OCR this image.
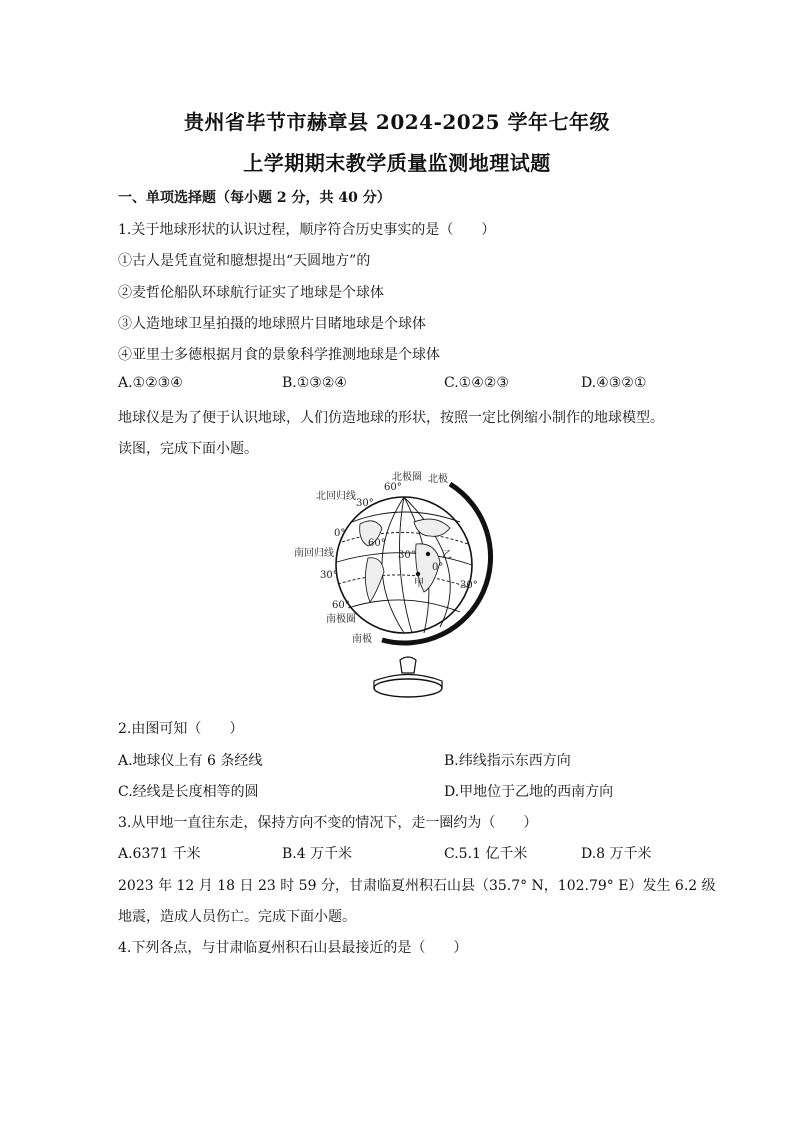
贵州省毕节市赫章县 2024-2025 学年七年级
上学期期末教学质量监测地理试题
一、单项选择题（每小题 2 分，共 40 分）
1.关于地球形状的认识过程，顺序符合历史事实的是（　　）
①古人是凭直觉和臆想提出“天圆地方”的
②麦哲伦船队环球航行证实了地球是个球体
③人造地球卫星拍摄的地球照片目睹地球是个球体
④亚里士多德根据月食的景象科学推测地球是个球体
A.①②③④	B.①③②④	C.①④②③	D.④③②①
地球仪是为了便于认识地球，人们仿造地球的形状，按照一定比例缩小制作的地球模型。
读图，完成下面小题。
北极圈 北极
60°
北回归线
30°
0°
60°
30°
0°
乙
甲	30°
南回归线
30°
60°
南极圈
南极
2.由图可知（　　）
A.地球仪上有 6 条经线	B.纬线指示东西方向
C.经线是长度相等的圆	D.甲地位于乙地的西南方向
3.从甲地一直往东走，保持方向不变的情况下，走一圈约为（　　）
A.6371 千米	B.4 万千米	C.5.1 亿千米	D.8 万千米
2023 年 12 月 18 日 23 时 59 分，甘肃临夏州积石山县（35.7° N，102.79° E）发生 6.2 级
地震，造成人员伤亡。完成下面小题。
4.下列各点，与甘肃临夏州积石山县最接近的是（　　）
